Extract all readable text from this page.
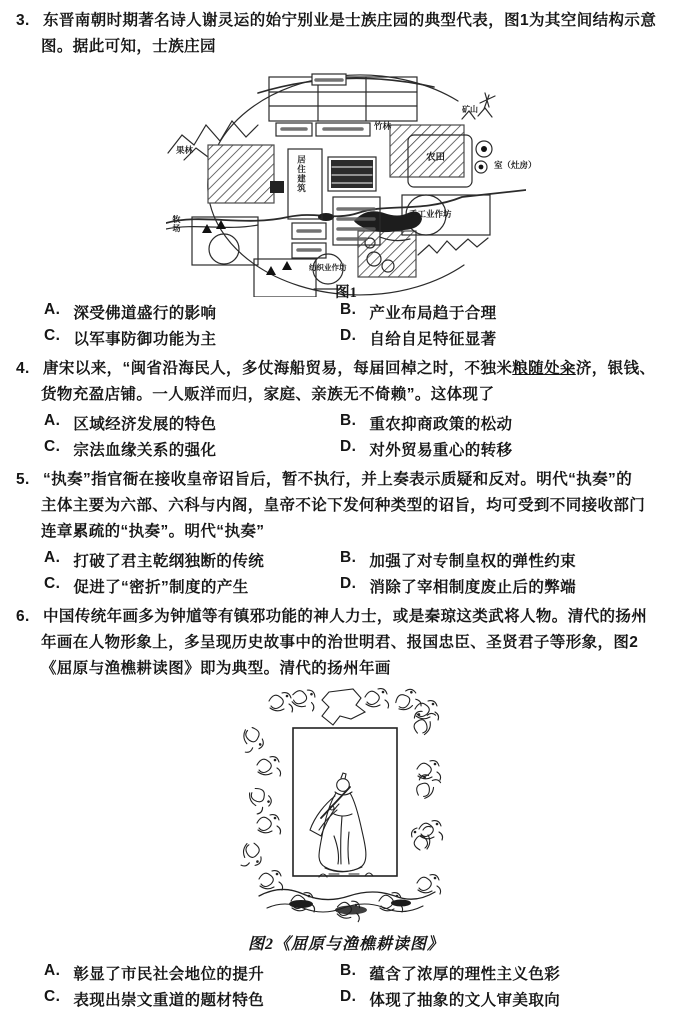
3. 东晋南朝时期著名诗人谢灵运的始宁别业是士族庄园的典型代表，图1为其空间结构示意
图。据此可知，士族庄园
果林
竹林
矿山
农田
室（灶房）
手工业作坊
纺织业作坊
居住建筑
牧场
图1
A. 深受佛道盛行的影响	B. 产业布局趋于合理
C. 以军事防御功能为主	D. 自给自足特征显著
4. 唐宋以来，“闽省沿海民人，多仗海船贸易，每届回棹之时，不独米粮随处籴济，银钱、
货物充盈店铺。一人贩洋而归，家庭、亲族无不倚赖”。这体现了
A. 区域经济发展的特色	B. 重农抑商政策的松动
C. 宗法血缘关系的强化	D. 对外贸易重心的转移
5. “执奏”指官衙在接收皇帝诏旨后，暂不执行，并上奏表示质疑和反对。明代“执奏”的
主体主要为六部、六科与内阁，皇帝不论下发何种类型的诏旨，均可受到不同接收部门
连章累疏的“执奏”。明代“执奏”
A. 打破了君主乾纲独断的传统	B. 加强了对专制皇权的弹性约束
C. 促进了“密折”制度的产生	D. 消除了宰相制度废止后的弊端
6. 中国传统年画多为钟馗等有镇邪功能的神人力士，或是秦琼这类武将人物。清代的扬州
年画在人物形象上，多呈现历史故事中的治世明君、报国忠臣、圣贤君子等形象，图2
《屈原与渔樵耕读图》即为典型。清代的扬州年画
图2《屈原与渔樵耕读图》
A. 彰显了市民社会地位的提升	B. 蕴含了浓厚的理性主义色彩
C. 表现出崇文重道的题材特色	D. 体现了抽象的文人审美取向
